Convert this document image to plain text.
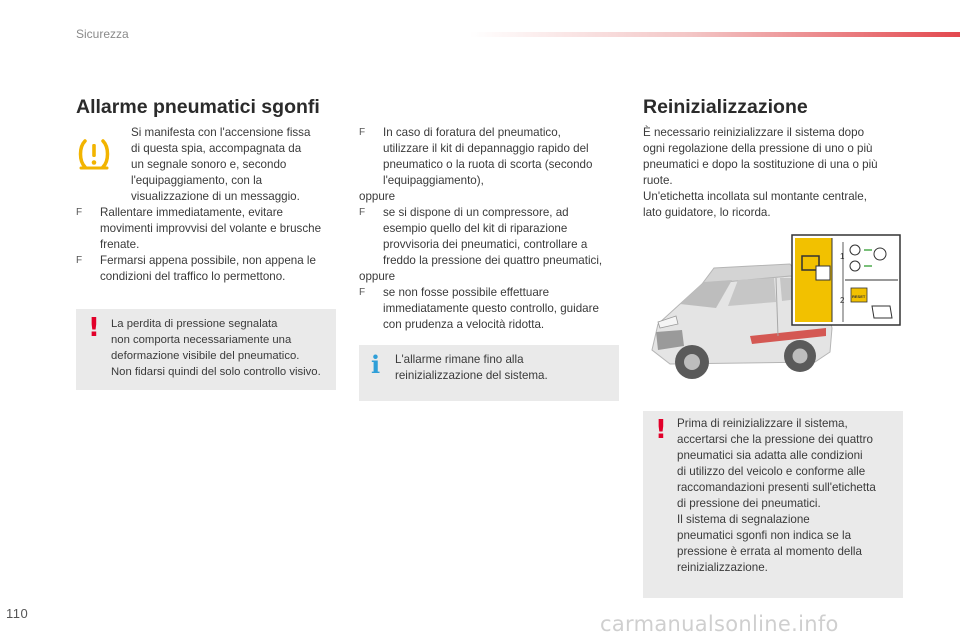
Sicurezza
Allarme pneumatici sgonfi

Si manifesta con l'accensione fissa

di questa spia, accompagnata da

un segnale sonoro e, secondo

l'equipaggiamento, con la

visualizzazione di un messaggio.

F Rallentare immediatamente, evitare

movimenti improvvisi del volante e brusche

frenate.

F Fermarsi appena possibile, non appena le

condizioni del traffico lo permettono.

! La perdita di pressione segnalata

non comporta necessariamente una

deformazione visibile del pneumatico.

Non fidarsi quindi del solo controllo visivo.

F In caso di foratura del pneumatico,

utilizzare il kit di depannaggio rapido del

pneumatico o la ruota di scorta (secondo

l'equipaggiamento),

oppure

F se si dispone di un compressore, ad

esempio quello del kit di riparazione

provvisoria dei pneumatici, controllare a

freddo la pressione dei quattro pneumatici,

oppure

F se non fosse possibile effettuare

immediatamente questo controllo, guidare

con prudenza a velocità ridotta.

i L'allarme rimane fino alla

reinizializzazione del sistema.

Reinizializzazione

È necessario reinizializzare il sistema dopo

ogni regolazione della pressione di uno o più

pneumatici e dopo la sostituzione di una o più

ruote.

Un'etichetta incollata sul montante centrale,

lato guidatore, lo ricorda.

1
2 RESET
! Prima di reinizializzare il sistema,

accertarsi che la pressione dei quattro

pneumatici sia adatta alle condizioni

di utilizzo del veicolo e conforme alle

raccomandazioni presenti sull'etichetta

di pressione dei pneumatici.

Il sistema di segnalazione

pneumatici sgonfi non indica se la

pressione è errata al momento della

reinizializzazione.

110	carmanualsonline.info
